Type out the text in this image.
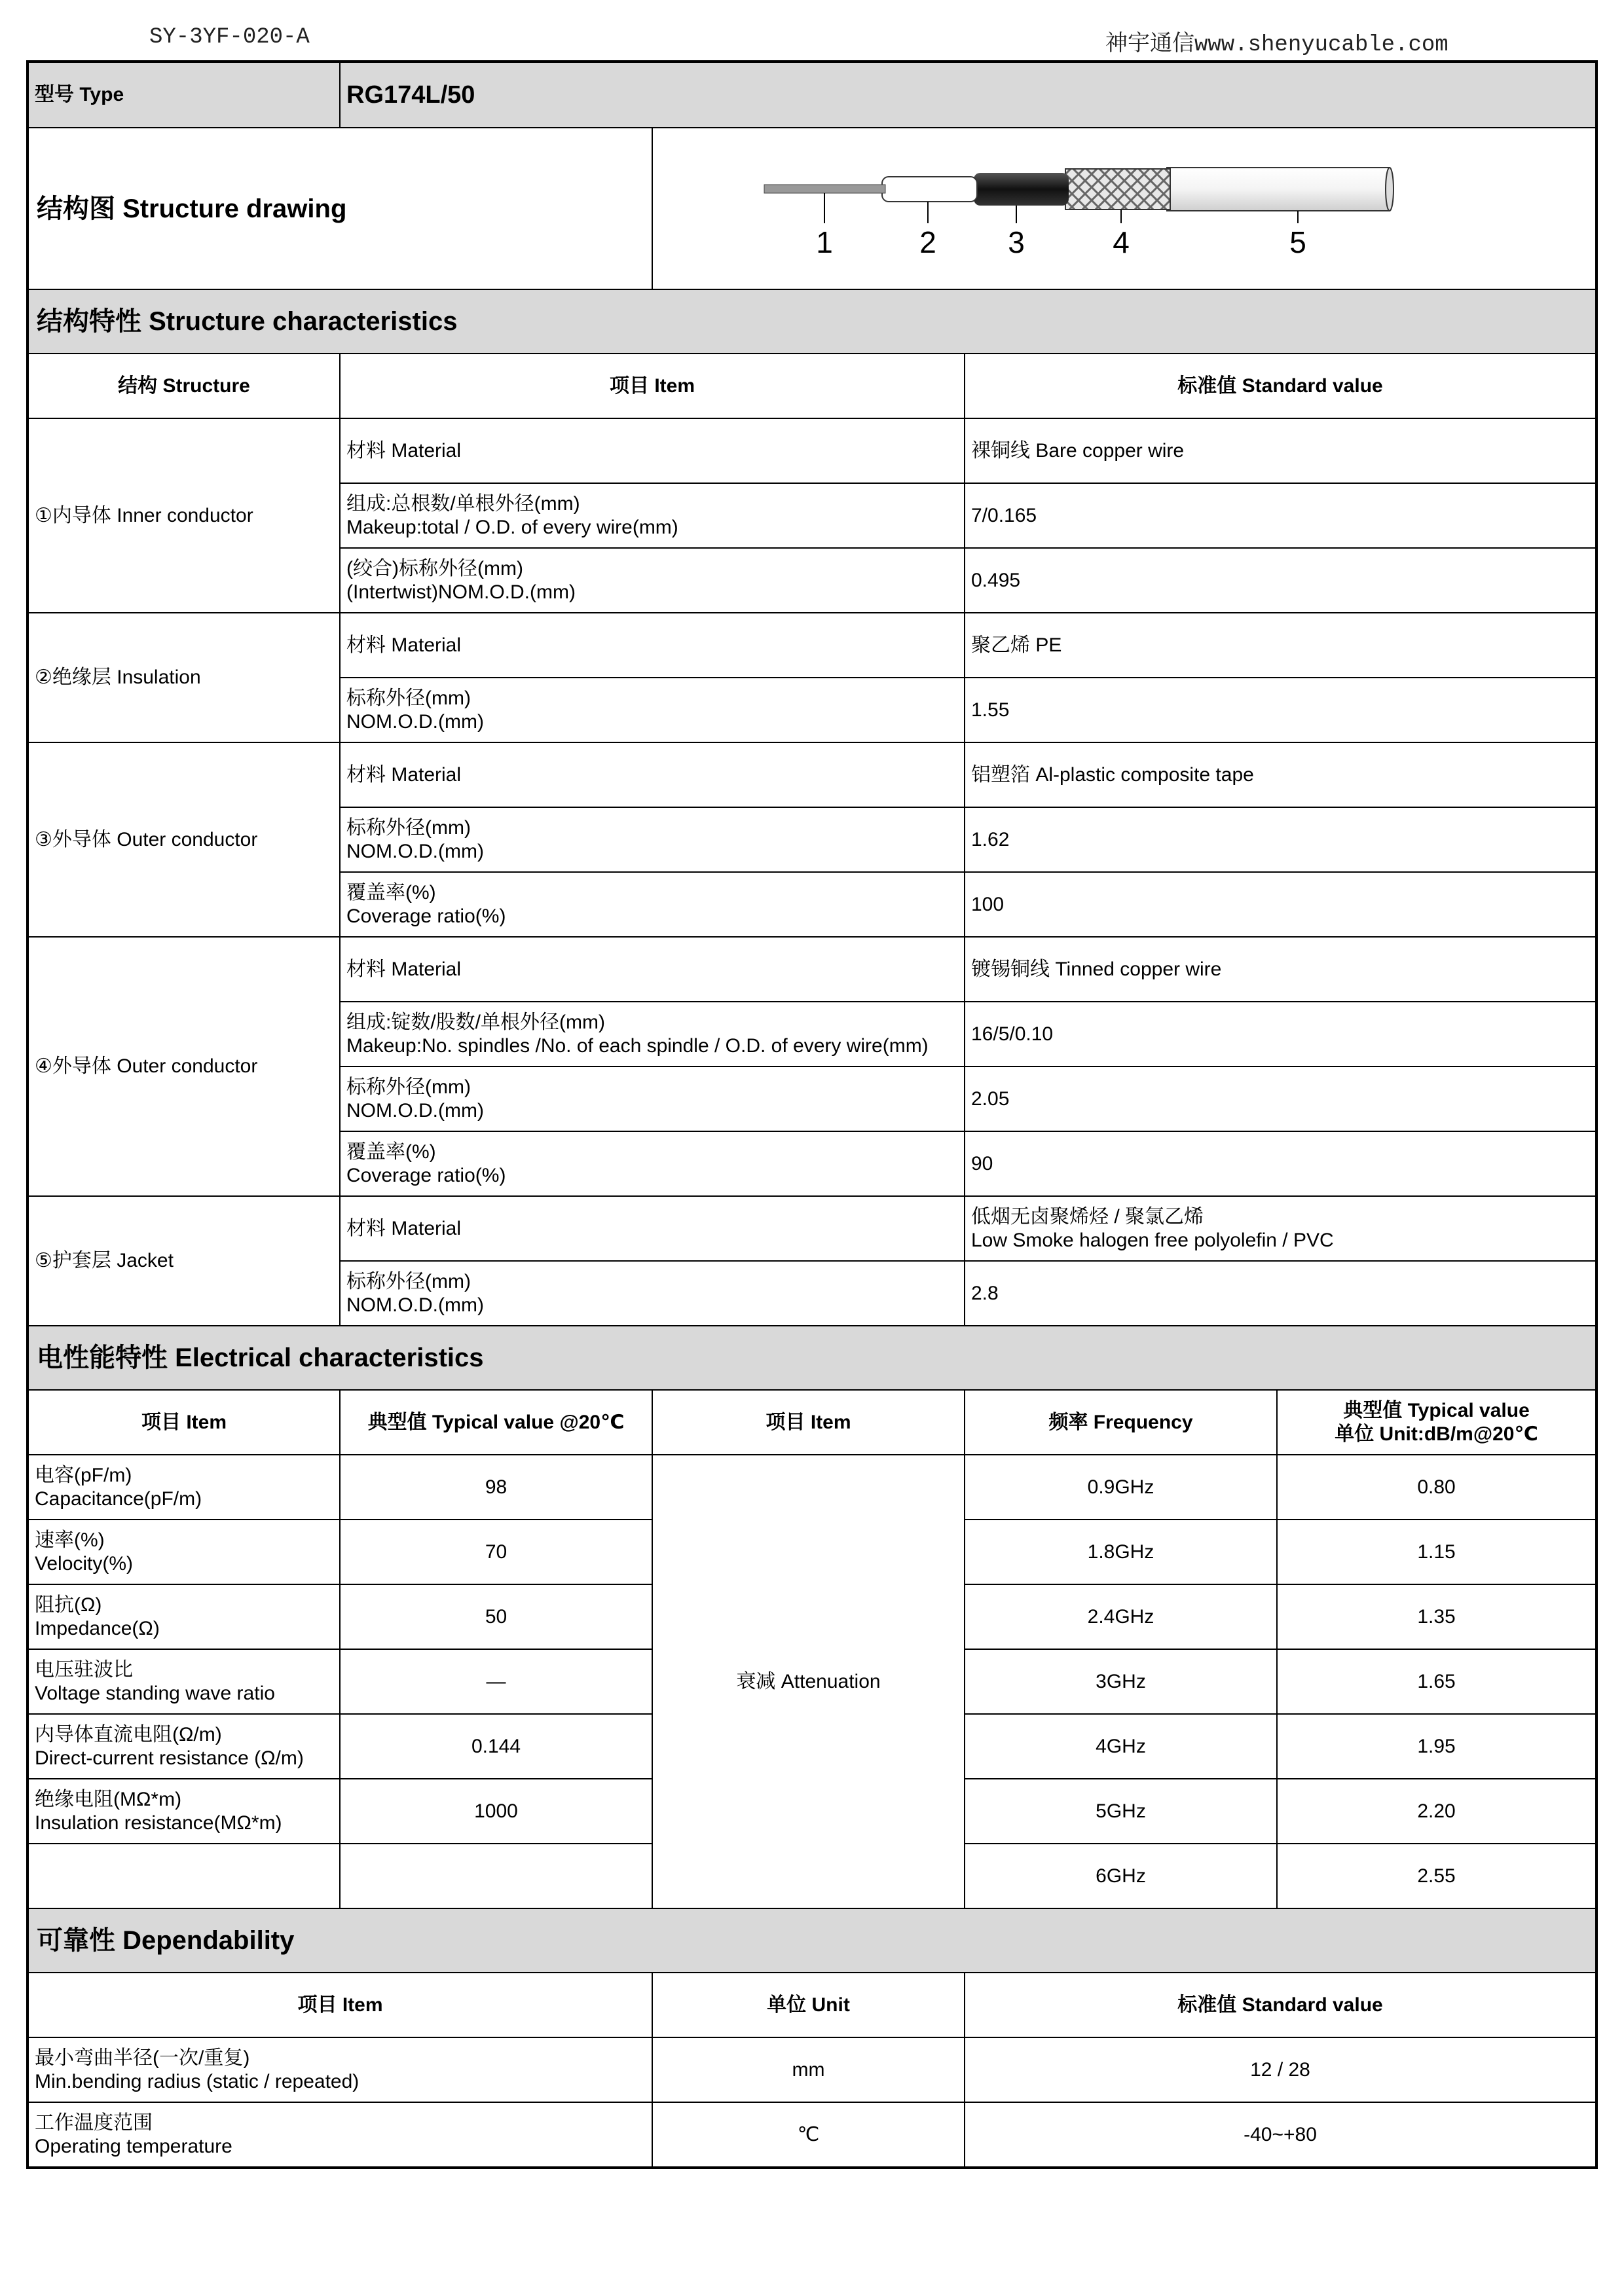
SY-3YF-020-A	神宇通信www.shenyucable.com
型号 Type	RG174L/50			
结构图 Structure drawing		1 2 3 4 5		

结构特性 Structure characteristics				
结构 Structure	项目 Item		标准值 Standard value	
①内导体 Inner conductor	材料 Material		裸铜线 Bare copper wire	

	组成:总根数/单根外径(mm)
Makeup:total / O.D. of every wire(mm)		7/0.165	

	(绞合)标称外径(mm)
(Intertwist)NOM.O.D.(mm)		0.495	

②绝缘层 Insulation	材料 Material		聚乙烯 PE	

	标称外径(mm)
NOM.O.D.(mm)		1.55	

③外导体 Outer conductor	材料 Material		铝塑箔 Al-plastic composite tape	

	标称外径(mm)
NOM.O.D.(mm)		1.62	

	覆盖率(%)
Coverage ratio(%)		100	

④外导体 Outer conductor	材料 Material		镀锡铜线 Tinned copper wire	

	组成:锭数/股数/单根外径(mm)
Makeup:No. spindles /No. of each spindle / O.D. of every wire(mm)		16/5/0.10	

	标称外径(mm)
NOM.O.D.(mm)		2.05	

	覆盖率(%)
Coverage ratio(%)		90	

⑤护套层 Jacket	材料 Material		低烟无卤聚烯烃 / 聚氯乙烯
Low Smoke halogen free polyolefin / PVC	

	标称外径(mm)
NOM.O.D.(mm)		2.8	

电性能特性 Electrical characteristics				
项目 Item	典型值 Typical value @20℃	项目 Item	频率 Frequency	典型值 Typical value
单位 Unit:dB/m@20℃

电容(pF/m)
Capacitance(pF/m)	98	衰减 Attenuation	0.9GHz	0.80

速率(%)
Velocity(%)	70		1.8GHz	1.15

阻抗(Ω)
Impedance(Ω)	50		2.4GHz	1.35

电压驻波比
Voltage standing wave ratio	—		3GHz	1.65

内导体直流电阻(Ω/m)
Direct-current resistance (Ω/m)	0.144		4GHz	1.95

绝缘电阻(MΩ*m)
Insulation resistance(MΩ*m)	1000		5GHz	2.20
			6GHz	2.55
可靠性 Dependability				
项目 Item		单位 Unit	标准值 Standard value	

最小弯曲半径(一次/重复)
Min.bending radius (static / repeated)		mm	12 / 28	

工作温度范围
Operating temperature		℃	-40~+80	
